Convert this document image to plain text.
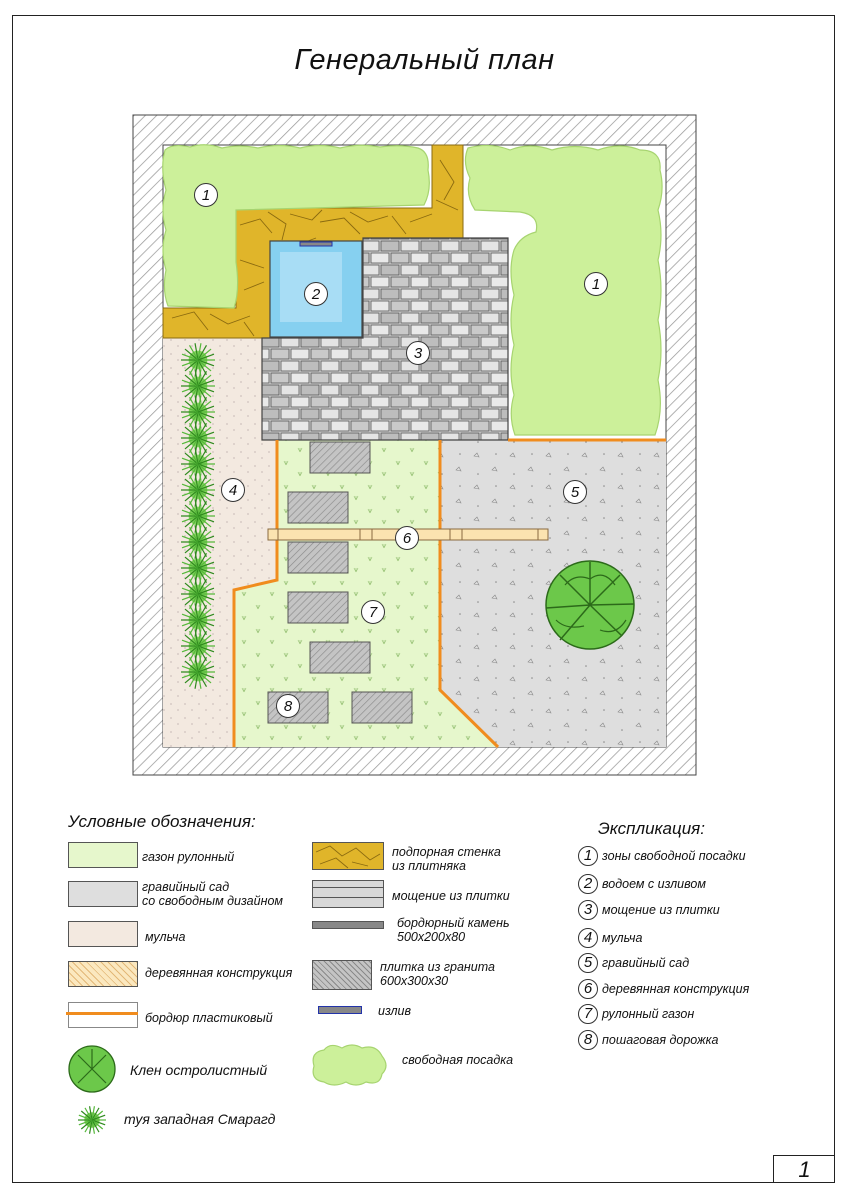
Генеральный план
1
2
3
1
4	5
6
7
8
Условные обозначения:
газон рулонный
гравийный сад
со свободным дизайном
мульча
деревянная конструкция
бордюр пластиковый
Клен остролистный
туя западная Смарагд
подпорная стенка
из плитняка
мощение из плитки
бордюрный камень
500х200х80
плитка из гранита
600х300х30
излив
свободная посадка
Экспликация:
1 зоны свободной посадки
2 водоем с изливом
3 мощение из плитки
4 мульча
5 гравийный сад
6 деревянная конструкция
7 рулонный газон
8 пошаговая дорожка
1
